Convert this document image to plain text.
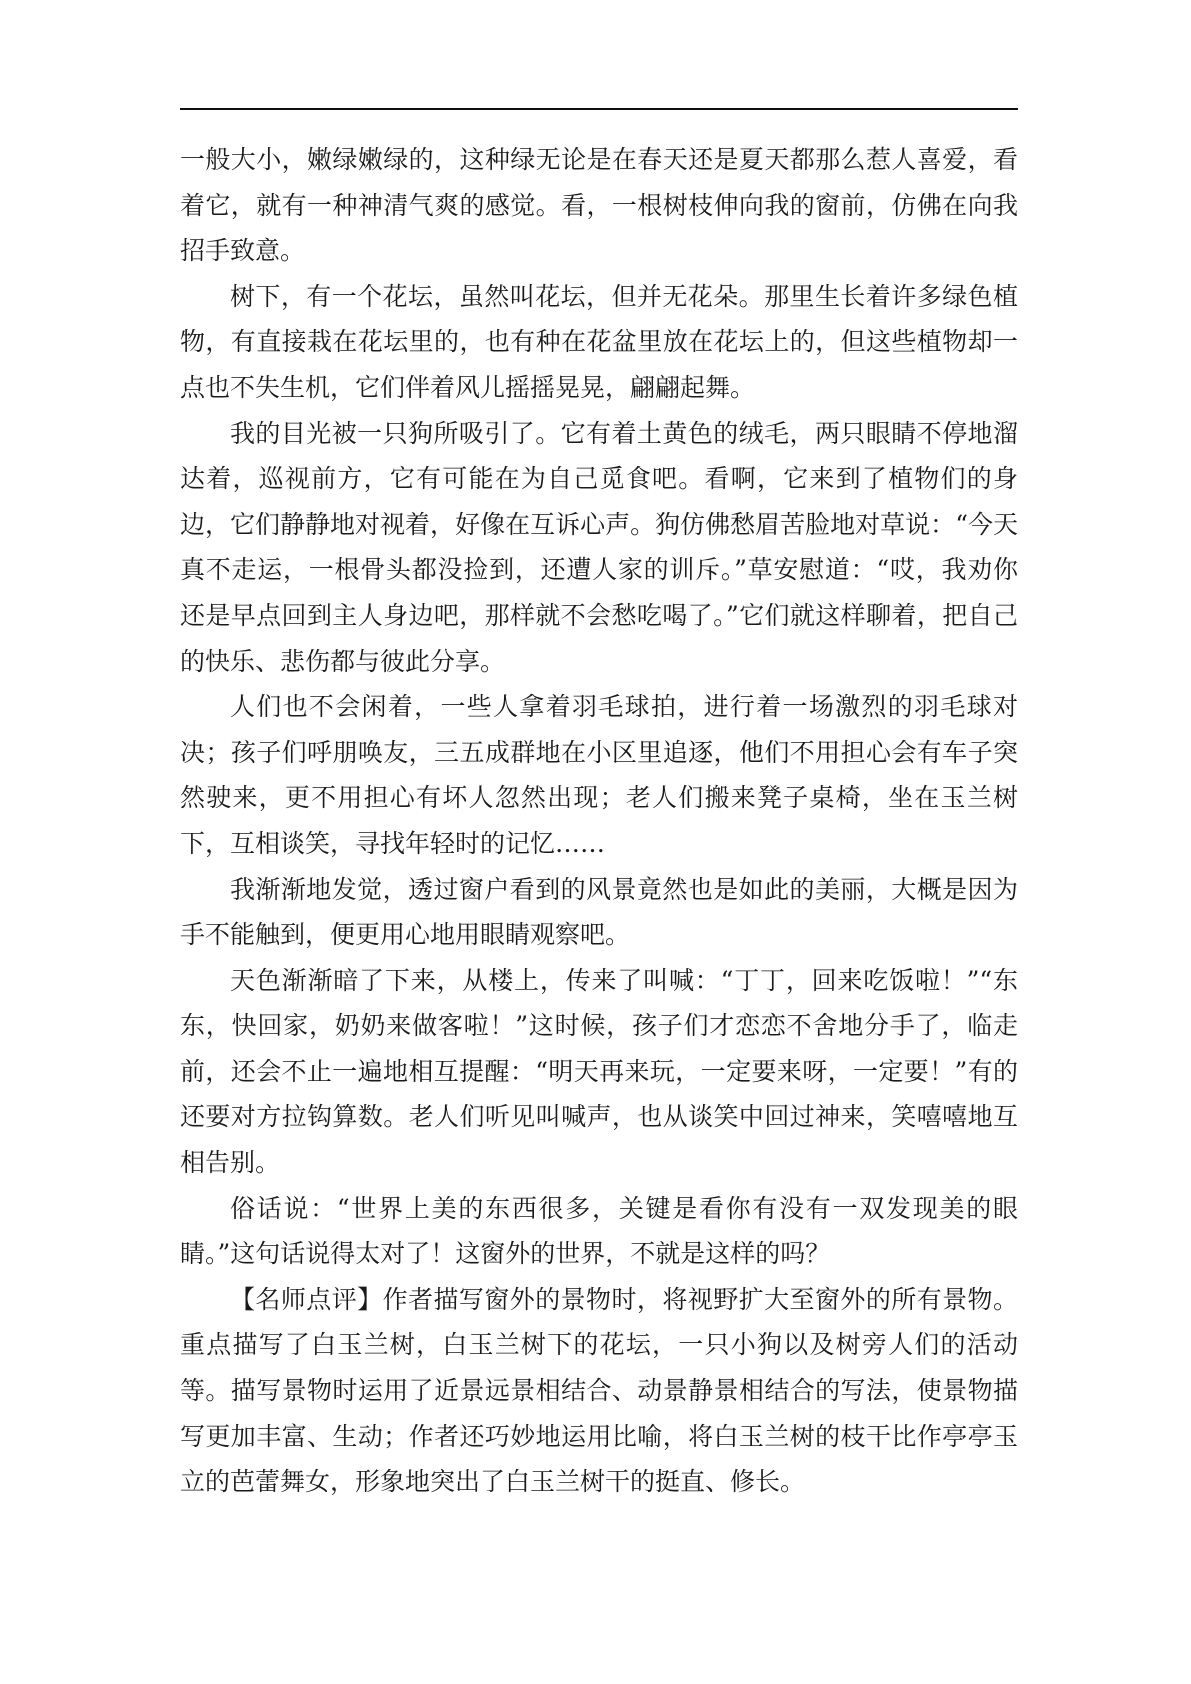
一般大小，嫩绿嫩绿的，这种绿无论是在春天还是夏天都那么惹人喜爱，看着它，就有一种神清气爽的感觉。看，一根树枝伸向我的窗前，仿佛在向我招手致意。

树下，有一个花坛，虽然叫花坛，但并无花朵。那里生长着许多绿色植物，有直接栽在花坛里的，也有种在花盆里放在花坛上的，但这些植物却一点也不失生机，它们伴着风儿摇摇晃晃，翩翩起舞。

我的目光被一只狗所吸引了。它有着土黄色的绒毛，两只眼睛不停地溜达着，巡视前方，它有可能在为自己觅食吧。看啊，它来到了植物们的身边，它们静静地对视着，好像在互诉心声。狗仿佛愁眉苦脸地对草说：“今天真不走运，一根骨头都没捡到，还遭人家的训斥。”草安慰道：“哎，我劝你还是早点回到主人身边吧，那样就不会愁吃喝了。”它们就这样聊着，把自己的快乐、悲伤都与彼此分享。

人们也不会闲着，一些人拿着羽毛球拍，进行着一场激烈的羽毛球对决；孩子们呼朋唤友，三五成群地在小区里追逐，他们不用担心会有车子突然驶来，更不用担心有坏人忽然出现；老人们搬来凳子桌椅，坐在玉兰树下，互相谈笑，寻找年轻时的记忆……

我渐渐地发觉，透过窗户看到的风景竟然也是如此的美丽，大概是因为手不能触到，便更用心地用眼睛观察吧。

天色渐渐暗了下来，从楼上，传来了叫喊：“丁丁，回来吃饭啦！”“东东，快回家，奶奶来做客啦！”这时候，孩子们才恋恋不舍地分手了，临走前，还会不止一遍地相互提醒：“明天再来玩，一定要来呀，一定要！”有的还要对方拉钩算数。老人们听见叫喊声，也从谈笑中回过神来，笑嘻嘻地互相告别。

俗话说：“世界上美的东西很多，关键是看你有没有一双发现美的眼睛。”这句话说得太对了！这窗外的世界，不就是这样的吗？

【名师点评】作者描写窗外的景物时，将视野扩大至窗外的所有景物。重点描写了白玉兰树，白玉兰树下的花坛，一只小狗以及树旁人们的活动等。描写景物时运用了近景远景相结合、动景静景相结合的写法，使景物描写更加丰富、生动；作者还巧妙地运用比喻，将白玉兰树的枝干比作亭亭玉立的芭蕾舞女，形象地突出了白玉兰树干的挺直、修长。
